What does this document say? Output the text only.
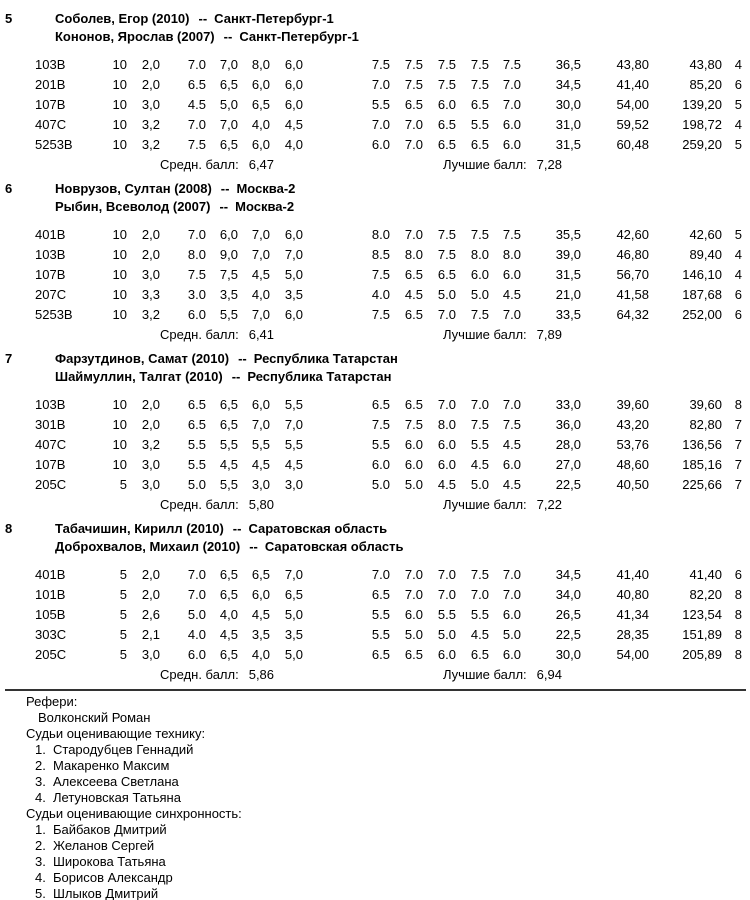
5	Соболев, Егор (2010) -- Санкт-Петербург-1
Кононов, Ярослав (2007) -- Санкт-Петербург-1
103B	10	2,0	7.0	7,0	8,0	6,0	7.5	7.5	7.5	7.5	7.5	36,5	43,80	43,80 4
201B	10	2,0	6.5	6,5	6,0	6,0	7.0	7.5	7.5	7.5	7.0	34,5	41,40	85,20 6
107B	10	3,0	4.5	5,0	6,5	6,0	5.5	6.5	6.0	6.5	7.0	30,0	54,00	139,20 5
407C	10	3,2	7.0	7,0	4,0	4,5	7.0	7.0	6.5	5.5	6.0	31,0	59,52	198,72 4
5253B	10	3,2	7.5	6,5	6,0	4,0	6.0	7.0	6.5	6.5	6.0	31,5	60,48	259,20 5
Средн. балл: 6,47	Лучшие балл: 7,28
6	Новрузов, Султан (2008) -- Москва-2
Рыбин, Всеволод (2007) -- Москва-2
401B	10	2,0	7.0	6,0	7,0	6,0	8.0	7.0	7.5	7.5	7.5	35,5	42,60	42,60 5
103B	10	2,0	8.0	9,0	7,0	7,0	8.5	8.0	7.5	8.0	8.0	39,0	46,80	89,40 4
107B	10	3,0	7.5	7,5	4,5	5,0	7.5	6.5	6.5	6.0	6.0	31,5	56,70	146,10 4
207C	10	3,3	3.0	3,5	4,0	3,5	4.0	4.5	5.0	5.0	4.5	21,0	41,58	187,68 6
5253B	10	3,2	6.0	5,5	7,0	6,0	7.5	6.5	7.0	7.5	7.0	33,5	64,32	252,00 6
Средн. балл: 6,41	Лучшие балл: 7,89
7	Фарзутдинов, Самат (2010) -- Республика Татарстан
Шаймуллин, Талгат (2010) -- Республика Татарстан
103B	10	2,0	6.5	6,5	6,0	5,5	6.5	6.5	7.0	7.0	7.0	33,0	39,60	39,60 8
301B	10	2,0	6.5	6,5	7,0	7,0	7.5	7.5	8.0	7.5	7.5	36,0	43,20	82,80 7
407C	10	3,2	5.5	5,5	5,5	5,5	5.5	6.0	6.0	5.5	4.5	28,0	53,76	136,56 7
107B	10	3,0	5.5	4,5	4,5	4,5	6.0	6.0	6.0	4.5	6.0	27,0	48,60	185,16 7
205C	5	3,0	5.0	5,5	3,0	3,0	5.0	5.0	4.5	5.0	4.5	22,5	40,50	225,66 7
Средн. балл: 5,80	Лучшие балл: 7,22
8	Табачишин, Кирилл (2010) -- Саратовская область
Доброхвалов, Михаил (2010) -- Саратовская область
401B	5	2,0	7.0	6,5	6,5	7,0	7.0	7.0	7.0	7.5	7.0	34,5	41,40	41,40 6
101B	5	2,0	7.0	6,5	6,0	6,5	6.5	7.0	7.0	7.0	7.0	34,0	40,80	82,20 8
105B	5	2,6	5.0	4,0	4,5	5,0	5.5	6.0	5.5	5.5	6.0	26,5	41,34	123,54 8
303C	5	2,1	4.0	4,5	3,5	3,5	5.5	5.0	5.0	4.5	5.0	22,5	28,35	151,89 8
205C	5	3,0	6.0	6,5	4,0	5,0	6.5	6.5	6.0	6.5	6.0	30,0	54,00	205,89 8
Средн. балл: 5,86	Лучшие балл: 6,94
Рефери:
Волконский Роман
Судьи оценивающие технику:
1. Стародубцев Геннадий
2. Макаренко Максим
3. Алексеева Светлана
4. Летуновская Татьяна
Судьи оценивающие синхронность:
1. Байбаков Дмитрий
2. Желанов Сергей
3. Широкова Татьяна
4. Борисов Александр
5. Шлыков Дмитрий
